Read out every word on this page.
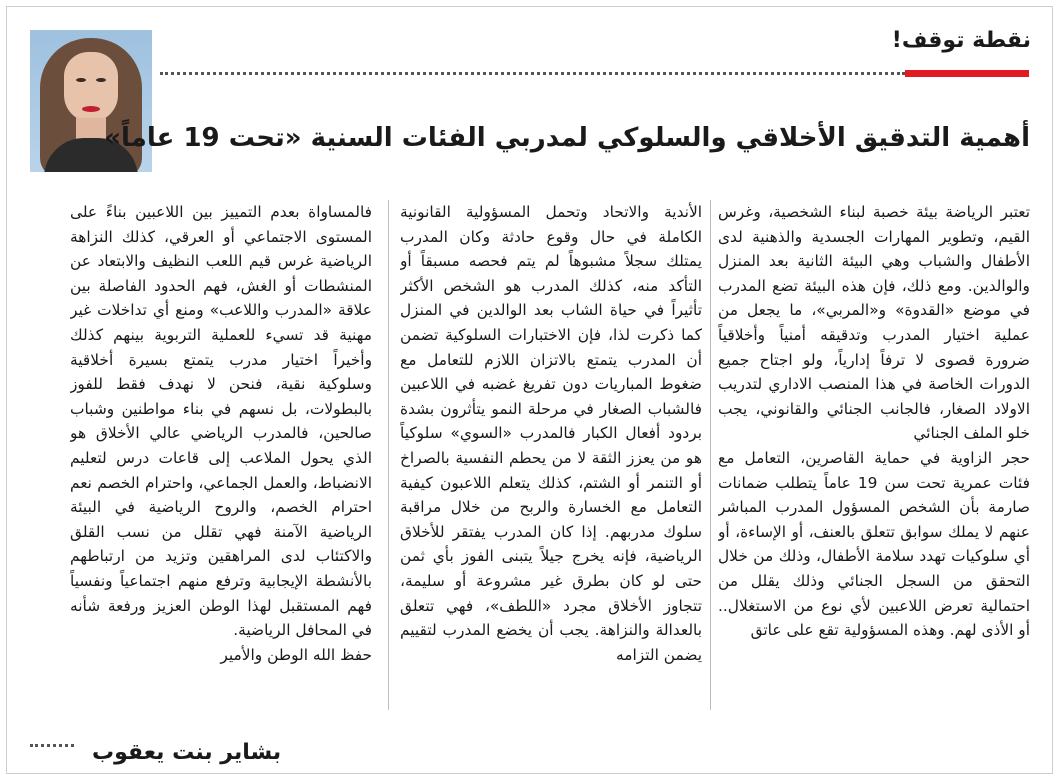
نقطة توقف!
أهمية التدقيق الأخلاقي والسلوكي لمدربي الفئات السنية «تحت 19 عاماً»

تعتبر الرياضة بيئة خصبة لبناء الشخصية، وغرس القيم، وتطوير المهارات الجسدية والذهنية لدى الأطفال والشباب وهي البيئة الثانية بعد المنزل والوالدين. ومع ذلك، فإن هذه البيئة تضع المدرب في موضع «القدوة» و«المربي»، ما يجعل من عملية اختيار المدرب وتدقيقه أمنياً وأخلاقياً ضرورة قصوى لا ترفاً إدارياً، ولو اجتاح جميع الدورات الخاصة في هذا المنصب الاداري لتدريب الاولاد الصغار، فالجانب الجنائي والقانوني، يجب خلو الملف الجنائي

حجر الزاوية في حماية القاصرين، التعامل مع فئات عمرية تحت سن 19 عاماً يتطلب ضمانات صارمة بأن الشخص المسؤول المدرب المباشر عنهم لا يملك سوابق تتعلق بالعنف، أو الإساءة، أو أي سلوكيات تهدد سلامة الأطفال، وذلك من خلال التحقق من السجل الجنائي وذلك يقلل من احتمالية تعرض اللاعبين لأي نوع من الاستغلال.. أو الأذى لهم. وهذه المسؤولية تقع على عاتق

الأندية والاتحاد وتحمل المسؤولية القانونية الكاملة في حال وقوع حادثة وكان المدرب يمتلك سجلاً مشبوهاً لم يتم فحصه مسبقاً أو التأكد منه، كذلك المدرب هو الشخص الأكثر تأثيراً في حياة الشاب بعد الوالدين في المنزل كما ذكرت لذا، فإن الاختبارات السلوكية تضمن أن المدرب يتمتع بالاتزان اللازم للتعامل مع ضغوط المباريات دون تفريغ غضبه في اللاعبين فالشباب الصغار في مرحلة النمو يتأثرون بشدة بردود أفعال الكبار فالمدرب «السوي» سلوكياً هو من يعزز الثقة لا من يحطم النفسية بالصراخ أو التنمر أو الشتم، كذلك يتعلم اللاعبون كيفية التعامل مع الخسارة والربح من خلال مراقبة سلوك مدربهم. إذا كان المدرب يفتقر للأخلاق الرياضية، فإنه يخرج جيلاً يتبنى الفوز بأي ثمن حتى لو كان بطرق غير مشروعة أو سليمة، تتجاوز الأخلاق مجرد «اللطف»، فهي تتعلق بالعدالة والنزاهة. يجب أن يخضع المدرب لتقييم يضمن التزامه

فالمساواة بعدم التمييز بين اللاعبين بناءً على المستوى الاجتماعي أو العرقي، كذلك النزاهة الرياضية غرس قيم اللعب النظيف والابتعاد عن المنشطات أو الغش، فهم الحدود الفاصلة بين علاقة «المدرب واللاعب» ومنع أي تداخلات غير مهنية قد تسيء للعملية التربوية بينهم كذلك وأخيراً اختيار مدرب يتمتع بسيرة أخلاقية وسلوكية نقية، فنحن لا نهدف فقط للفوز بالبطولات، بل نسهم في بناء مواطنين وشباب صالحين، فالمدرب الرياضي عالي الأخلاق هو الذي يحول الملاعب إلى قاعات درس لتعليم الانضباط، والعمل الجماعي، واحترام الخصم نعم احترام الخصم، والروح الرياضية في البيئة الرياضية الآمنة فهي تقلل من نسب القلق والاكتئاب لدى المراهقين وتزيد من ارتباطهم بالأنشطة الإيجابية وترفع منهم اجتماعياً ونفسياً فهم المستقبل لهذا الوطن العزيز ورفعة شأنه في المحافل الرياضية.

حفظ الله الوطن والأمير

بشاير بنت يعقوب
